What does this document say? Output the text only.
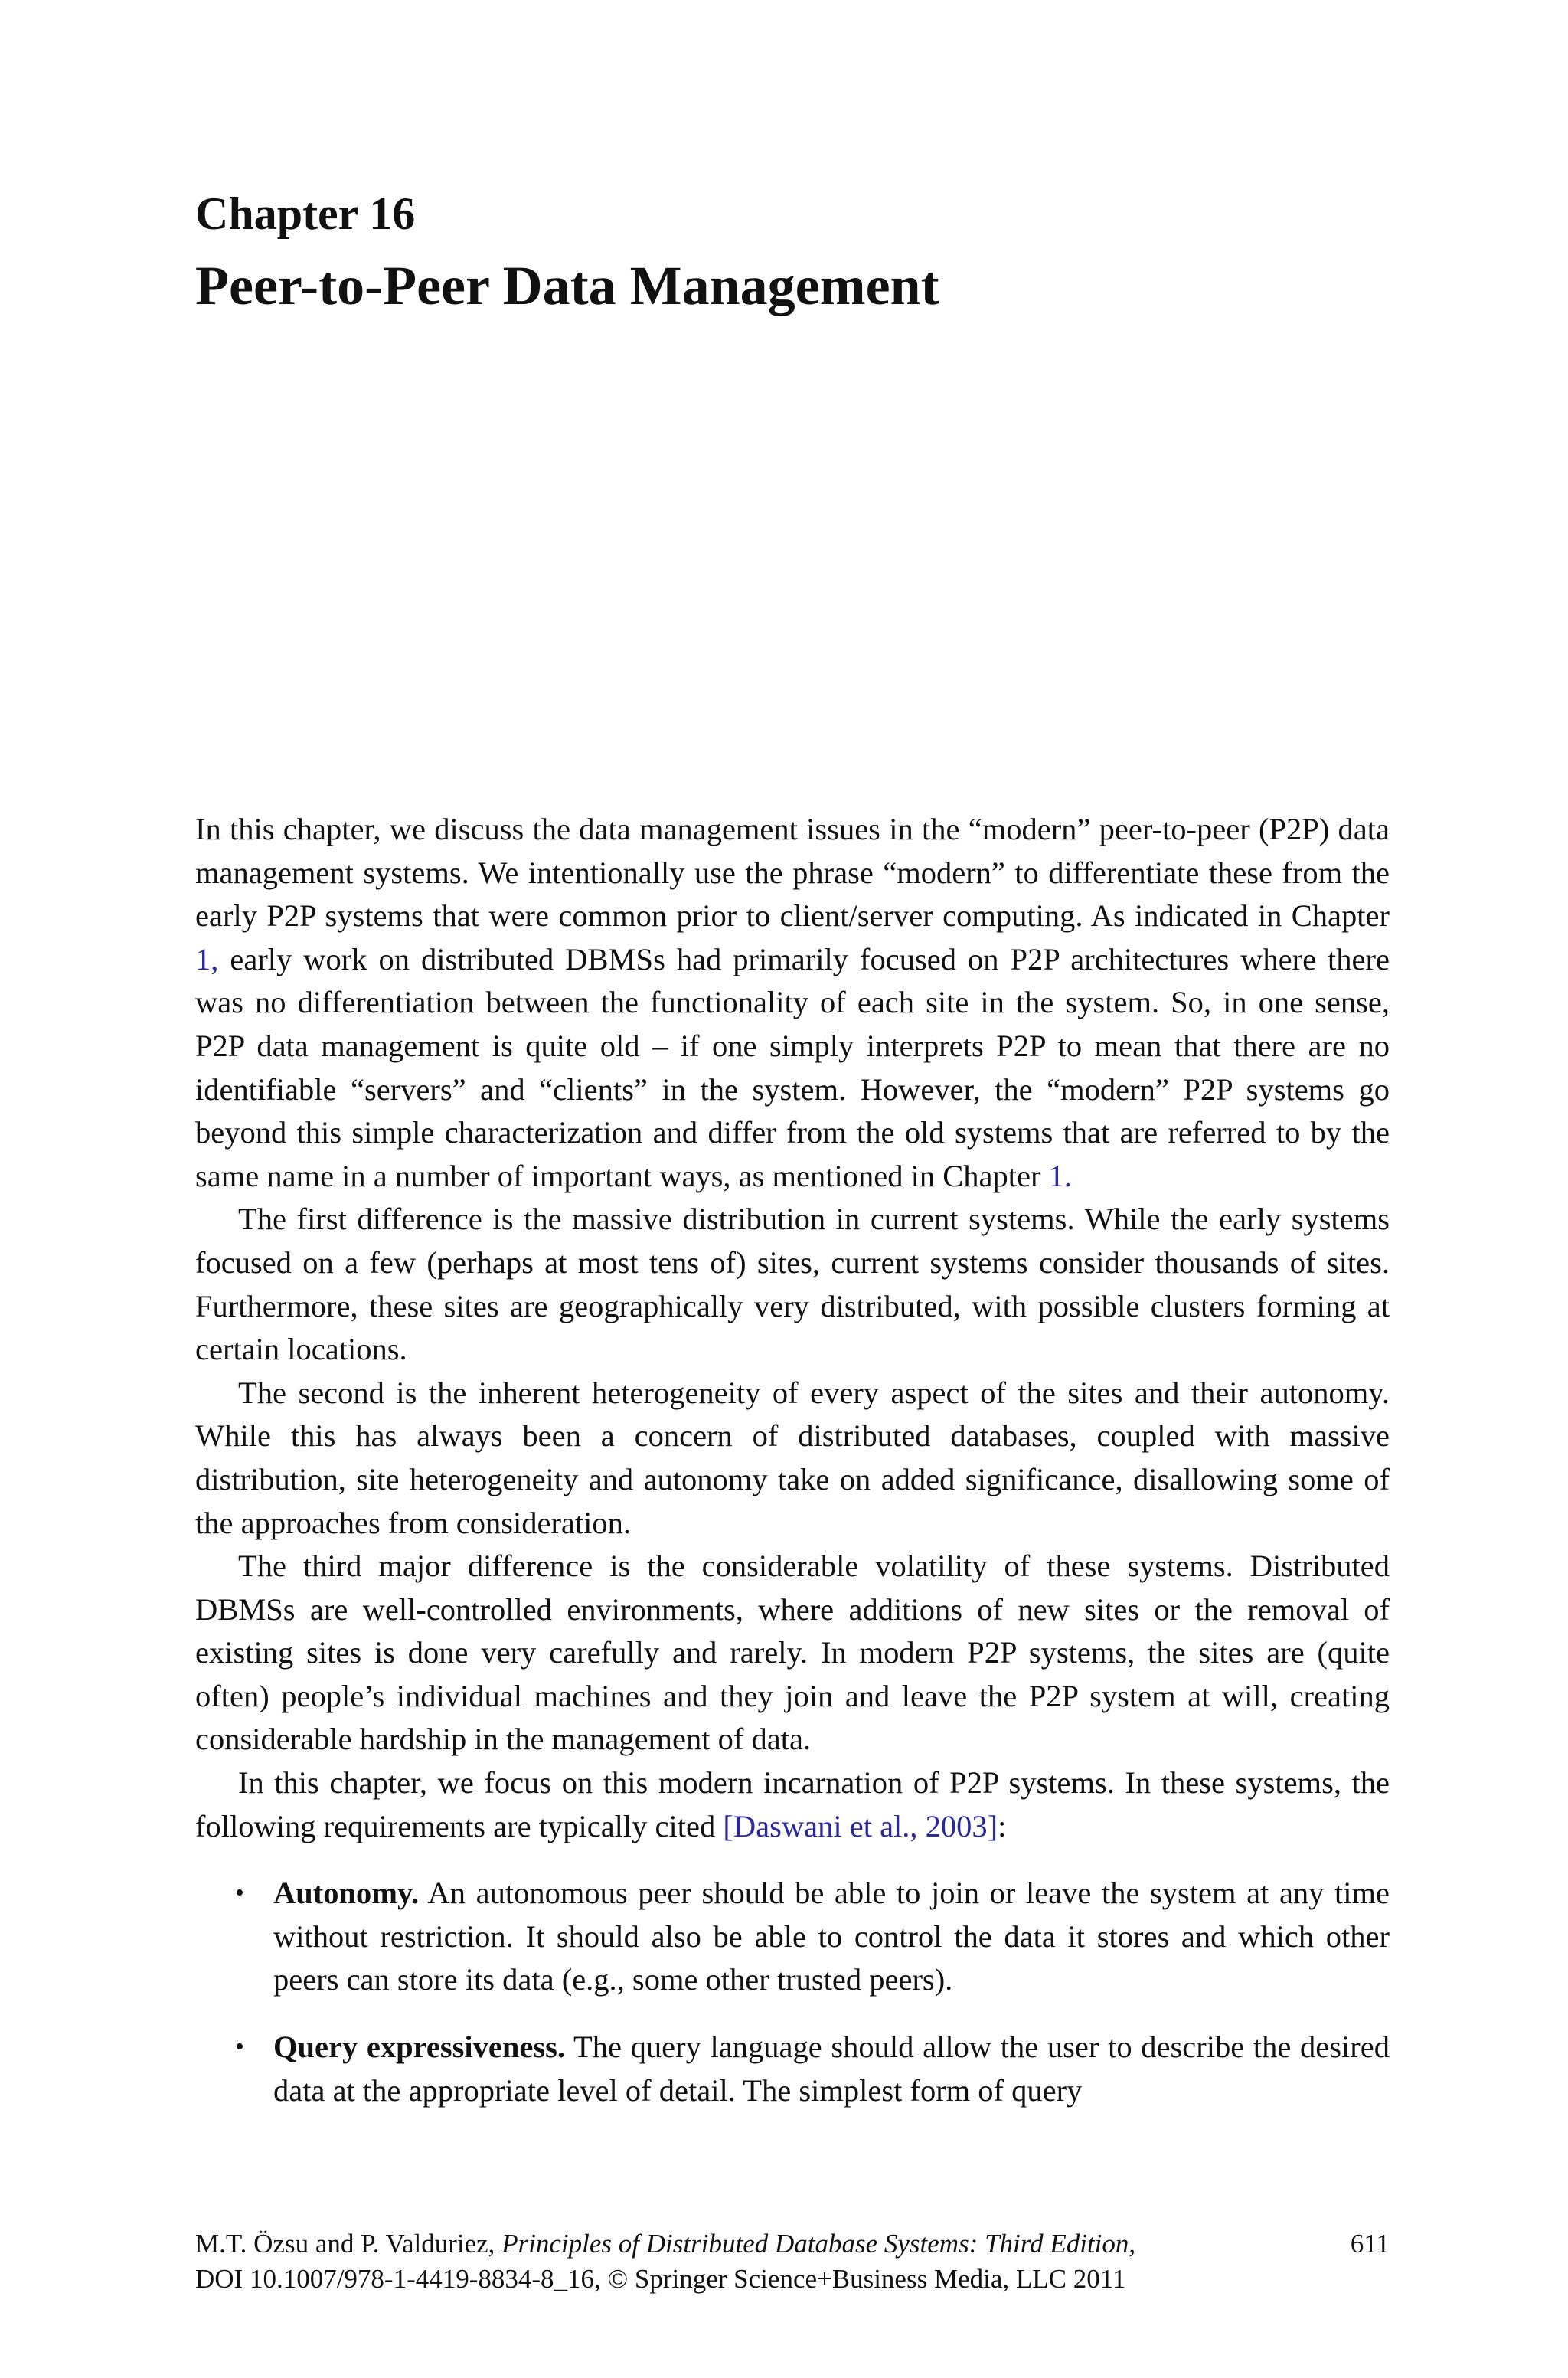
Chapter 16
Peer-to-Peer Data Management

In this chapter, we discuss the data management issues in the “modern” peer-to-peer (P2P) data management systems. We intentionally use the phrase “modern” to differentiate these from the early P2P systems that were common prior to client/server computing. As indicated in Chapter 1, early work on distributed DBMSs had primarily focused on P2P architectures where there was no differentiation between the functionality of each site in the system. So, in one sense, P2P data management is quite old – if one simply interprets P2P to mean that there are no identifiable “servers” and “clients” in the system. However, the “modern” P2P systems go beyond this simple characterization and differ from the old systems that are referred to by the same name in a number of important ways, as mentioned in Chapter 1.

The first difference is the massive distribution in current systems. While the early systems focused on a few (perhaps at most tens of) sites, current systems consider thousands of sites. Furthermore, these sites are geographically very distributed, with possible clusters forming at certain locations.

The second is the inherent heterogeneity of every aspect of the sites and their autonomy. While this has always been a concern of distributed databases, coupled with massive distribution, site heterogeneity and autonomy take on added significance, disallowing some of the approaches from consideration.

The third major difference is the considerable volatility of these systems. Distributed DBMSs are well-controlled environments, where additions of new sites or the removal of existing sites is done very carefully and rarely. In modern P2P systems, the sites are (quite often) people’s individual machines and they join and leave the P2P system at will, creating considerable hardship in the management of data.

In this chapter, we focus on this modern incarnation of P2P systems. In these systems, the following requirements are typically cited [Daswani et al., 2003]:

• Autonomy. An autonomous peer should be able to join or leave the system at any time without restriction. It should also be able to control the data it stores and which other peers can store its data (e.g., some other trusted peers).
• Query expressiveness. The query language should allow the user to describe the desired data at the appropriate level of detail. The simplest form of query
M.T. Özsu and P. Valduriez, Principles of Distributed Database Systems: Third Edition,
DOI 10.1007/978-1-4419-8834-8_16, © Springer Science+Business Media, LLC 2011
611
